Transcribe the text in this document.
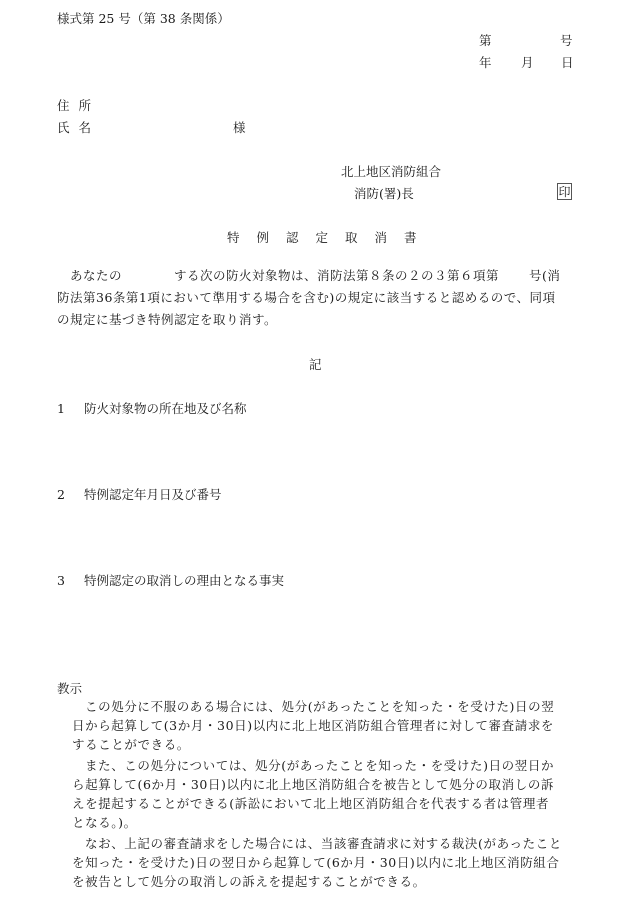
様式第 25 号（第 38 条関係）
第	号
年 月 日
住所
氏名	様
北上地区消防組合
消防(署)長	印
特例認定取消書
あなたの	する次の防火対象物は、消防法第８条の２の３第６項第 号(消
防法第36条第1項において準用する場合を含む)の規定に該当すると認めるので、同項
の規定に基づき特例認定を取り消す。
記
1 防火対象物の所在地及び名称
2 特例認定年月日及び番号
3 特例認定の取消しの理由となる事実
教示
この処分に不服のある場合には、処分(があったことを知った・を受けた)日の翌
日から起算して(3か月・30日)以内に北上地区消防組合管理者に対して審査請求を
することができる。
また、この処分については、処分(があったことを知った・を受けた)日の翌日か
ら起算して(6か月・30日)以内に北上地区消防組合を被告として処分の取消しの訴
えを提起することができる(訴訟において北上地区消防組合を代表する者は管理者
となる。)。
なお、上記の審査請求をした場合には、当該審査請求に対する裁決(があったこと
を知った・を受けた)日の翌日から起算して(6か月・30日)以内に北上地区消防組合
を被告として処分の取消しの訴えを提起することができる。
